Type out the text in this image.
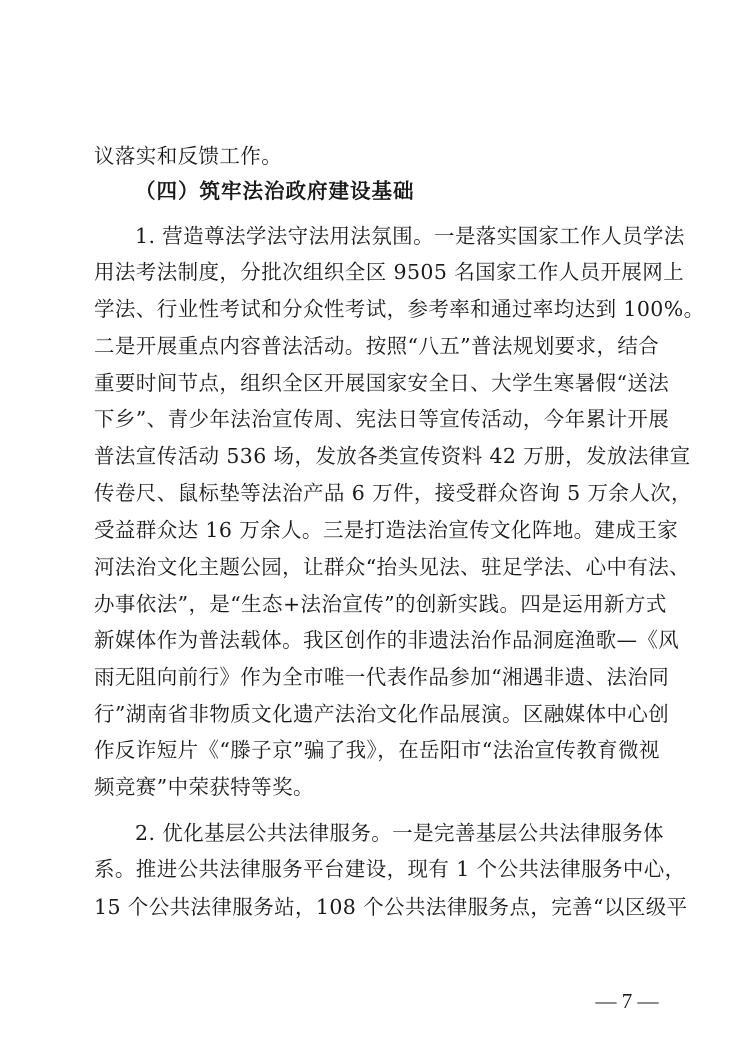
议落实和反馈工作。
（四）筑牢法治政府建设基础
1. 营造尊法学法守法用法氛围。一是落实国家工作人员学法
用法考法制度，分批次组织全区 9505 名国家工作人员开展网上
学法、行业性考试和分众性考试，参考率和通过率均达到 100%。
二是开展重点内容普法活动。按照“八五”普法规划要求，结合
重要时间节点，组织全区开展国家安全日、大学生寒暑假“送法
下乡”、青少年法治宣传周、宪法日等宣传活动，今年累计开展
普法宣传活动 536 场，发放各类宣传资料 42 万册，发放法律宣
传卷尺、鼠标垫等法治产品 6 万件，接受群众咨询 5 万余人次，
受益群众达 16 万余人。三是打造法治宣传文化阵地。建成王家
河法治文化主题公园，让群众“抬头见法、驻足学法、心中有法、
办事依法”，是“生态+法治宣传”的创新实践。四是运用新方式
新媒体作为普法载体。我区创作的非遗法治作品洞庭渔歌—《风
雨无阻向前行》作为全市唯一代表作品参加“湘遇非遗、法治同
行”湖南省非物质文化遗产法治文化作品展演。区融媒体中心创
作反诈短片《“滕子京”骗了我》，在岳阳市“法治宣传教育微视
频竞赛”中荣获特等奖。
2. 优化基层公共法律服务。一是完善基层公共法律服务体
系。推进公共法律服务平台建设，现有 1 个公共法律服务中心，
15 个公共法律服务站，108 个公共法律服务点，完善“以区级平
— 7 —
